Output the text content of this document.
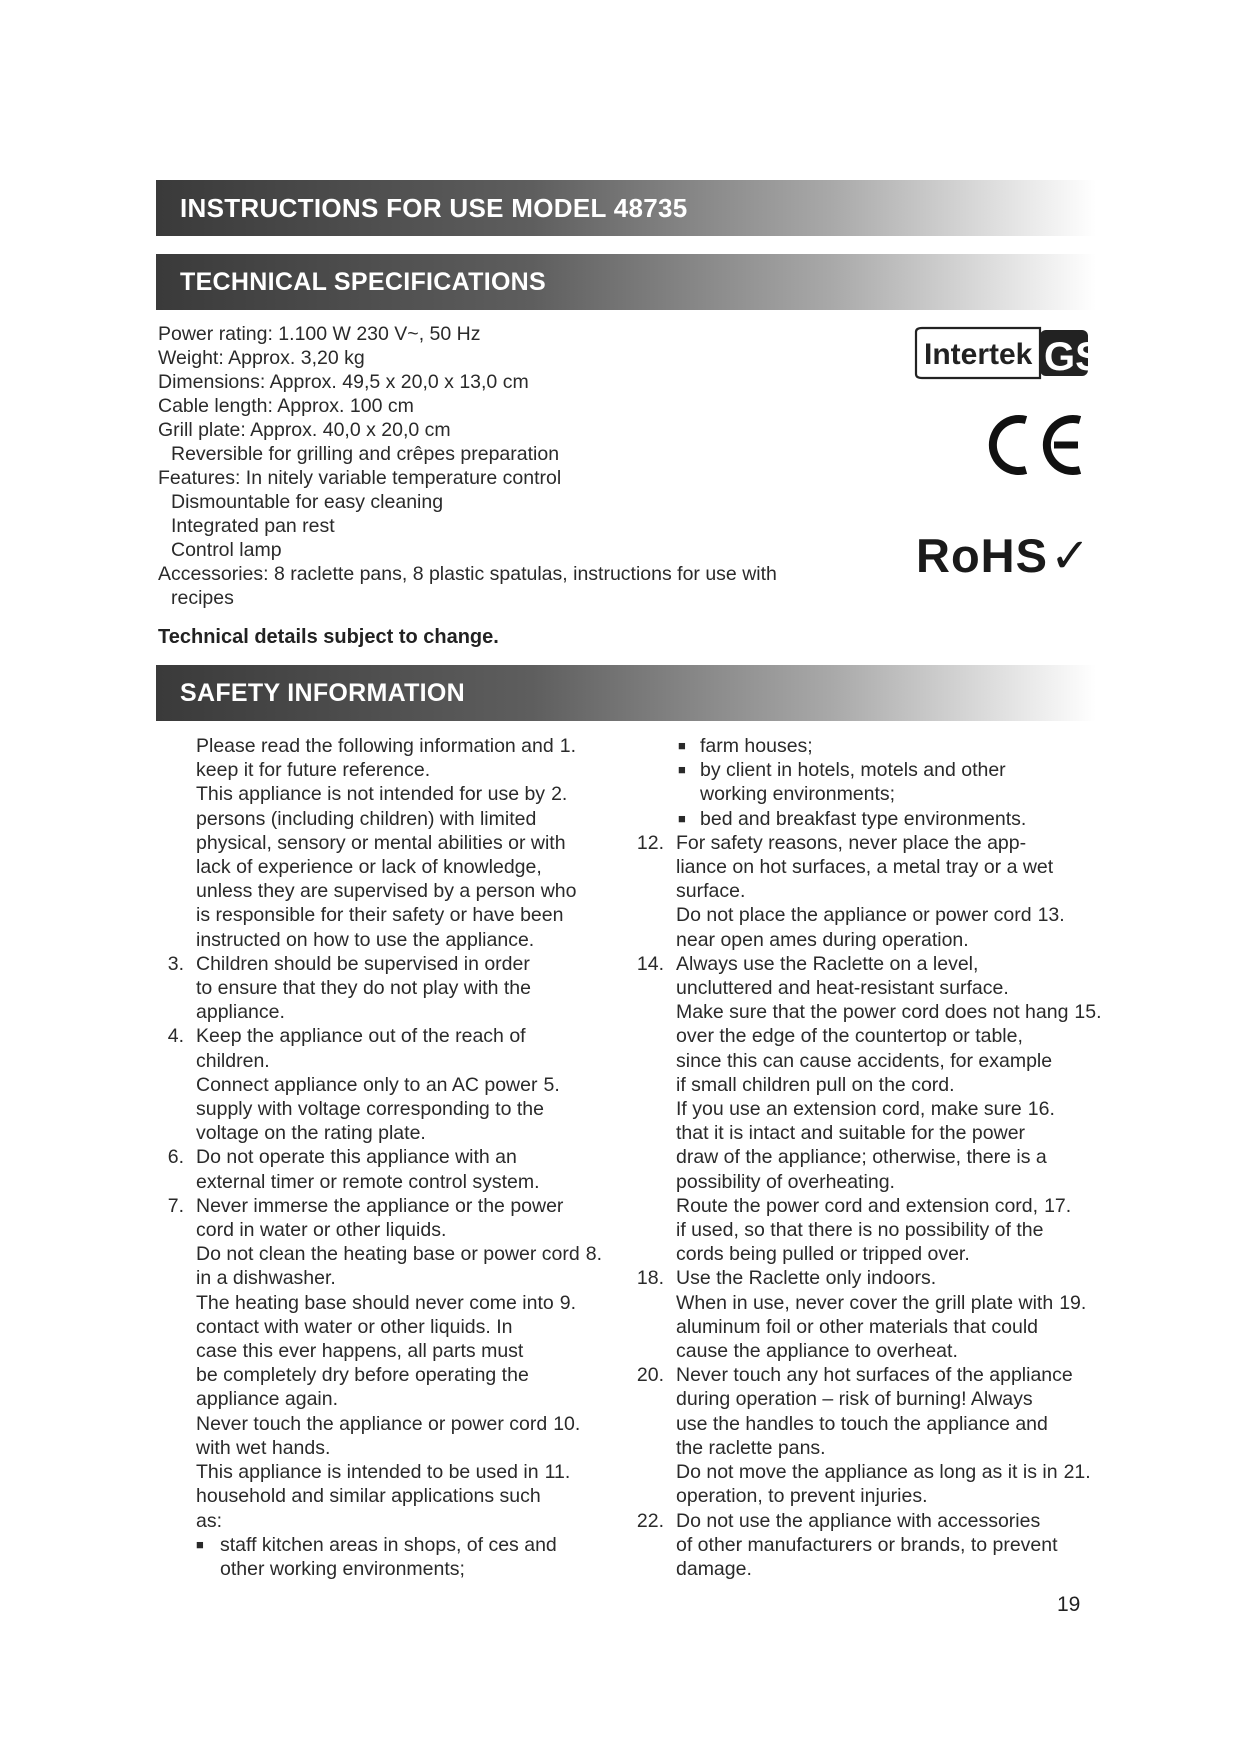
INSTRUCTIONS FOR USE MODEL 48735
TECHNICAL SPECIFICATIONS
Power rating: 1.100 W 230 V~, 50 Hz
Weight: Approx. 3,20 kg
Dimensions: Approx. 49,5 x 20,0 x 13,0 cm
Cable length: Approx. 100 cm
Grill plate: Approx. 40,0 x 20,0 cm
Reversible for grilling and crêpes preparation
Features: In nitely variable temperature control
Dismountable for easy cleaning
Integrated pan rest
Control lamp
Accessories: 8 raclette pans, 8 plastic spatulas, instructions for use with
recipes
Technical details subject to change.
Intertek GS
RoHS✓
SAFETY INFORMATION
Please read the following information and 1.
keep it for future reference.
This appliance is not intended for use by 2.
persons (including children) with limited
physical, sensory or mental abilities or with
lack of experience or lack of knowledge,
unless they are supervised by a person who
is responsible for their safety or have been
instructed on how to use the appliance.
3. Children should be supervised in order
to ensure that they do not play with the
appliance.
4. Keep the appliance out of the reach of
children.
Connect appliance only to an AC power 5.
supply with voltage corresponding to the
voltage on the rating plate.
6. Do not operate this appliance with an
external timer or remote control system.
7. Never immerse the appliance or the power
cord in water or other liquids.
Do not clean the heating base or power cord 8.
in a dishwasher.
The heating base should never come into 9.
contact with water or other liquids. In
case this ever happens, all parts must
be completely dry before operating the
appliance again.
Never touch the appliance or power cord 10.
with wet hands.
This appliance is intended to be used in 11.
household and similar applications such
as:
■ staff kitchen areas in shops, of ces and
other working environments;
■ farm houses;
■ by client in hotels, motels and other
working environments;
■ bed and breakfast type environments.
12. For safety reasons, never place the app-
liance on hot surfaces, a metal tray or a wet
surface.
Do not place the appliance or power cord 13.
near open ames during operation.
14. Always use the Raclette on a level,
uncluttered and heat-resistant surface.
Make sure that the power cord does not hang 15.
over the edge of the countertop or table,
since this can cause accidents, for example
if small children pull on the cord.
If you use an extension cord, make sure 16.
that it is intact and suitable for the power
draw of the appliance; otherwise, there is a
possibility of overheating.
Route the power cord and extension cord, 17.
if used, so that there is no possibility of the
cords being pulled or tripped over.
18. Use the Raclette only indoors.
When in use, never cover the grill plate with 19.
aluminum foil or other materials that could
cause the appliance to overheat.
20. Never touch any hot surfaces of the appliance
during operation – risk of burning! Always
use the handles to touch the appliance and
the raclette pans.
Do not move the appliance as long as it is in 21.
operation, to prevent injuries.
22. Do not use the appliance with accessories
of other manufacturers or brands, to prevent
damage.
19
